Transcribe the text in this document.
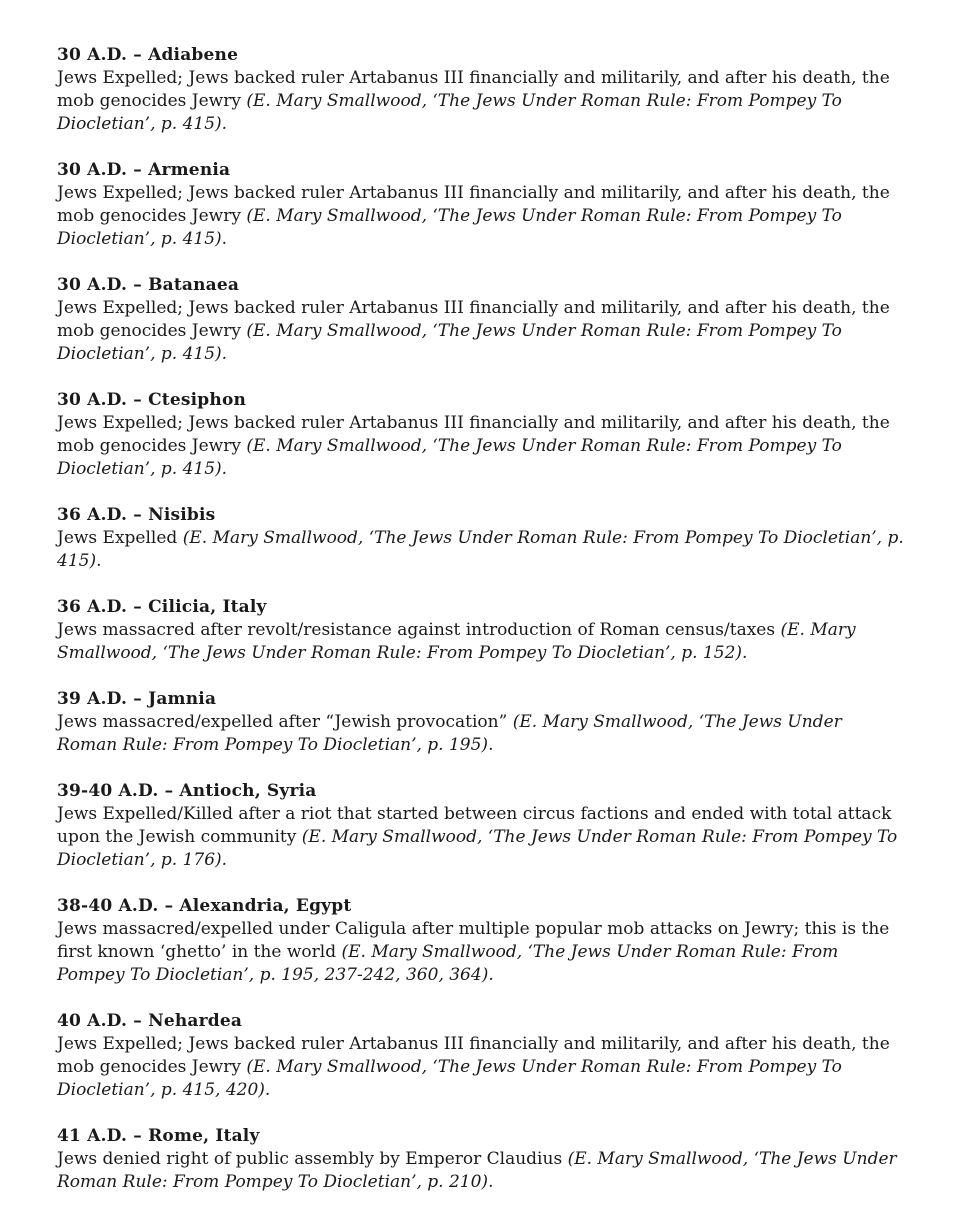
30 A.D. – Adiabene

Jews Expelled; Jews backed ruler Artabanus III financially and militarily, and after his death, the mob genocides Jewry (E. Mary Smallwood, ‘The Jews Under Roman Rule: From Pompey To Diocletian’, p. 415).

30 A.D. – Armenia

Jews Expelled; Jews backed ruler Artabanus III financially and militarily, and after his death, the mob genocides Jewry (E. Mary Smallwood, ‘The Jews Under Roman Rule: From Pompey To Diocletian’, p. 415).

30 A.D. – Batanaea

Jews Expelled; Jews backed ruler Artabanus III financially and militarily, and after his death, the mob genocides Jewry (E. Mary Smallwood, ‘The Jews Under Roman Rule: From Pompey To Diocletian’, p. 415).

30 A.D. – Ctesiphon

Jews Expelled; Jews backed ruler Artabanus III financially and militarily, and after his death, the mob genocides Jewry (E. Mary Smallwood, ‘The Jews Under Roman Rule: From Pompey To Diocletian’, p. 415).

36 A.D. – Nisibis

Jews Expelled (E. Mary Smallwood, ‘The Jews Under Roman Rule: From Pompey To Diocletian’, p. 415).

36 A.D. – Cilicia, Italy

Jews massacred after revolt/resistance against introduction of Roman census/taxes (E. Mary Smallwood, ‘The Jews Under Roman Rule: From Pompey To Diocletian’, p. 152).

39 A.D. – Jamnia

Jews massacred/expelled after “Jewish provocation” (E. Mary Smallwood, ‘The Jews Under Roman Rule: From Pompey To Diocletian’, p. 195).

39-40 A.D. – Antioch, Syria

Jews Expelled/Killed after a riot that started between circus factions and ended with total attack upon the Jewish community (E. Mary Smallwood, ‘The Jews Under Roman Rule: From Pompey To Diocletian’, p. 176).

38-40 A.D. – Alexandria, Egypt

Jews massacred/expelled under Caligula after multiple popular mob attacks on Jewry; this is the first known ‘ghetto’ in the world (E. Mary Smallwood, ‘The Jews Under Roman Rule: From Pompey To Diocletian’, p. 195, 237-242, 360, 364).

40 A.D. – Nehardea

Jews Expelled; Jews backed ruler Artabanus III financially and militarily, and after his death, the mob genocides Jewry (E. Mary Smallwood, ‘The Jews Under Roman Rule: From Pompey To Diocletian’, p. 415, 420).

41 A.D. – Rome, Italy

Jews denied right of public assembly by Emperor Claudius (E. Mary Smallwood, ‘The Jews Under Roman Rule: From Pompey To Diocletian’, p. 210).
